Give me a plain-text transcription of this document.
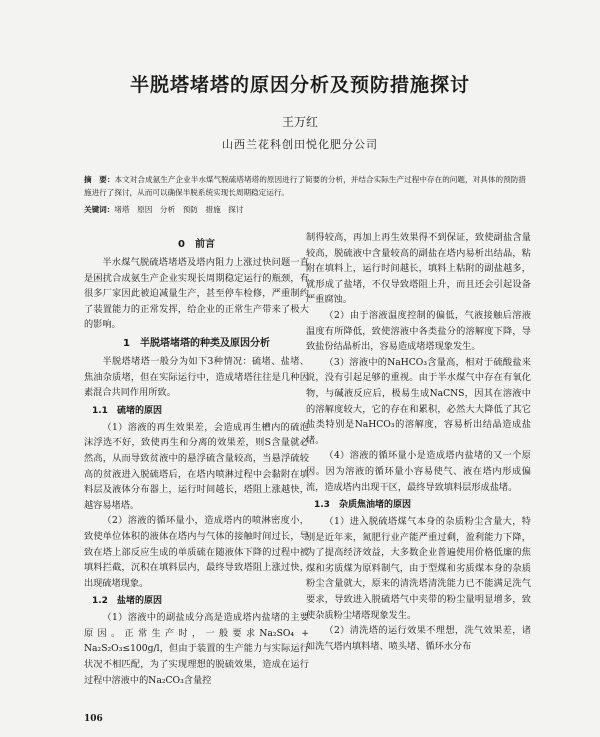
半脱塔堵塔的原因分析及预防措施探讨
王万红
山西兰花科创田悦化肥分公司
摘　要：本文对合成氨生产企业半水煤气脱硫塔堵塔的原因进行了简要的分析，并结合实际生产过程中存在的问题，对具体的预防措施进行了探讨，从而可以确保半脱系统实现长周期稳定运行。
关键词：堵塔　原因　分析　预防　措施　探讨
0　前言

半水煤气脱硫塔堵塔及塔内阻力上涨过快问题一直是困扰合成氨生产企业实现长周期稳定运行的瓶颈，有很多厂家因此被迫减量生产，甚至停车检修，严重制约了装置能力的正常发挥，给企业的正常生产带来了极大的影响。

1　半脱塔堵塔的种类及原因分析

半脱塔堵塔一般分为如下3种情况：硫堵、盐堵、焦油杂质堵，但在实际运行中，造成堵塔往往是几种因素混合共同作用所致。

1.1　硫堵的原因

（1）溶液的再生效果差，会造成再生槽内的硫泡沫浮选不好，致使再生和分离的效果差，则S含量就必然高，从而导致贫液中的悬浮硫含量较高，当悬浮硫较高的贫液进入脱硫塔后，在塔内喷淋过程中会黏附在填料层及液体分布器上，运行时间越长，塔阻上涨越快，越容易堵塔。

（2）溶液的循环量小，造成塔内的喷淋密度小，致使单位体积的液体在塔内与气体的接触时间过长，导致在塔上部反应生成的单质硫在随液体下降的过程中被填料拦截，沉积在填料层内，最终导致塔阻上涨过快，出现硫堵现象。

1.2　盐堵的原因

（1）溶液中的副盐成分高是造成塔内盐堵的主要原因。正常生产时，一般要求Na₂SO₄ + Na₂S₂O₃≤100g/l，但由于装置的生产能力与实际运行状况不相匹配，为了实现理想的脱硫效果，造成在运行过程中溶液中的Na₂CO₃含量控

制得较高，再加上再生效果得不到保证，致使副盐含量较高，脱硫液中含量较高的副盐在塔内易析出结晶，粘附在填料上，运行时间越长，填料上粘附的副盐越多，就形成了盐堵，不仅导致塔阻上升，而且还会引起设备严重腐蚀。

（2）由于溶液温度控制的偏低，气液接触后溶液温度有所降低，致使溶液中各类盐分的溶解度下降，导致盐份结晶析出，容易造成堵塔现象发生。

（3）溶液中的NaHCO₃含量高，相对于硫酸盐来说，没有引起足够的重视。由于半水煤气中存在有氧化物，与碱液反应后，极易生成NaCNS，因其在溶液中的溶解度较大，它的存在和累积，必然大大降低了其它盐类特别是NaHCO₃的溶解度，容易析出结晶造成盐堵。

（4）溶液的循环量小是造成塔内盐堵的又一个原因。因为溶液的循环量小容易使气、液在塔内形成偏流，造成塔内出现干区，最终导致填料层形成盐堵。

1.3　杂质焦油堵的原因

（1）进入脱硫塔煤气本身的杂质粉尘含量大，特别是近年来，氮肥行业产能严重过剩，盈利能力下降，为了提高经济效益，大多数企业普遍使用价格低廉的焦煤和劣质煤为原料制气，由于型煤和劣质煤本身的杂质粉尘含量就大，原来的清洗塔清洗能力已不能满足洗气要求，导致进入脱硫塔气中夹带的粉尘量明显增多，致使杂质粉尘堵塔现象发生。

（2）清洗塔的运行效果不理想，洗气效果差，诸如洗气塔内填料堵、喷头堵、循环水分布

106
